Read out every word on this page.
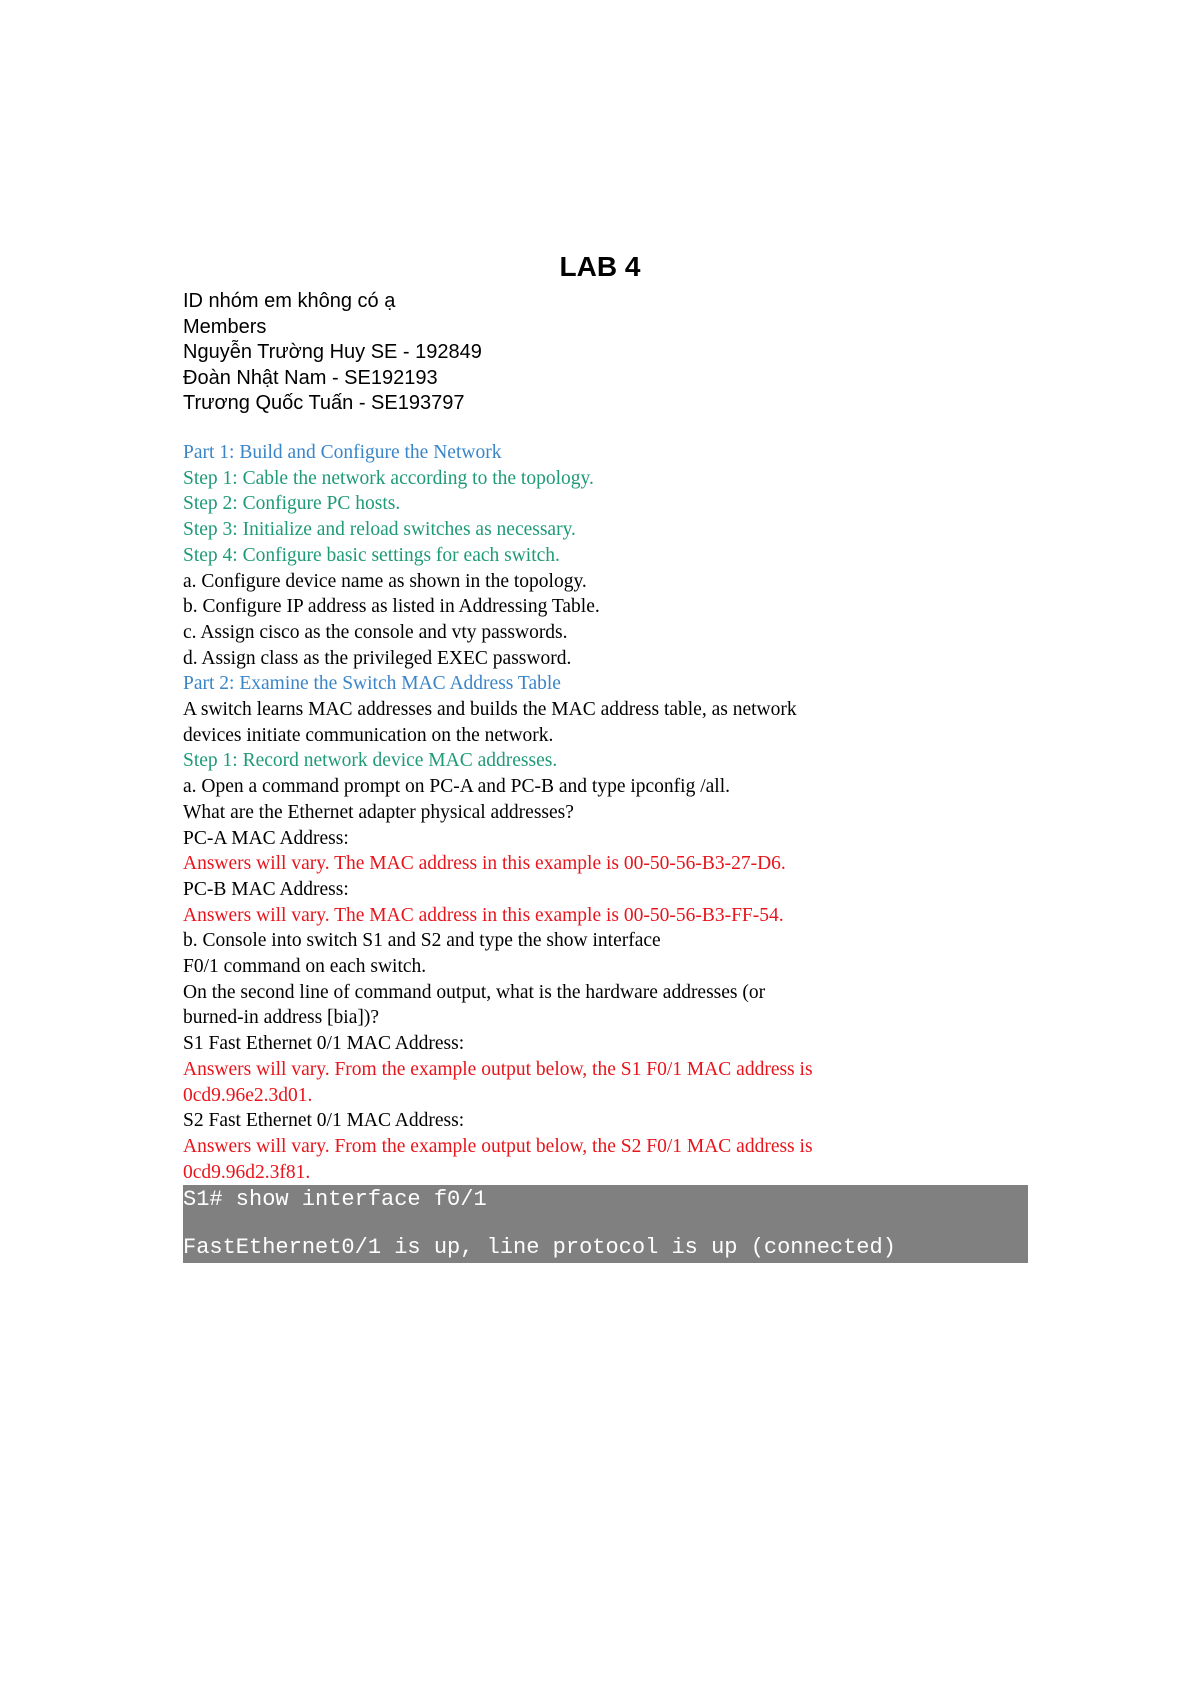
LAB 4
ID nhóm em không có ạ
Members
Nguyễn Trường Huy SE - 192849
Đoàn Nhật Nam - SE192193
Trương Quốc Tuấn - SE193797
Part 1: Build and Configure the Network
Step 1: Cable the network according to the topology.
Step 2: Configure PC hosts.
Step 3: Initialize and reload switches as necessary.
Step 4: Configure basic settings for each switch.
a. Configure device name as shown in the topology.
b. Configure IP address as listed in Addressing Table.
c. Assign cisco as the console and vty passwords.
d. Assign class as the privileged EXEC password.
Part 2: Examine the Switch MAC Address Table
A switch learns MAC addresses and builds the MAC address table, as network
devices initiate communication on the network.
Step 1: Record network device MAC addresses.
a. Open a command prompt on PC-A and PC-B and type ipconfig /all.
What are the Ethernet adapter physical addresses?
PC-A MAC Address:
Answers will vary. The MAC address in this example is 00-50-56-B3-27-D6.
PC-B MAC Address:
Answers will vary. The MAC address in this example is 00-50-56-B3-FF-54.
b. Console into switch S1 and S2 and type the show interface
F0/1 command on each switch.
On the second line of command output, what is the hardware addresses (or
burned-in address [bia])?
S1 Fast Ethernet 0/1 MAC Address:
Answers will vary. From the example output below, the S1 F0/1 MAC address is
0cd9.96e2.3d01.
S2 Fast Ethernet 0/1 MAC Address:
Answers will vary. From the example output below, the S2 F0/1 MAC address is
0cd9.96d2.3f81.
S1# show interface f0/1
FastEthernet0/1 is up, line protocol is up (connected)
